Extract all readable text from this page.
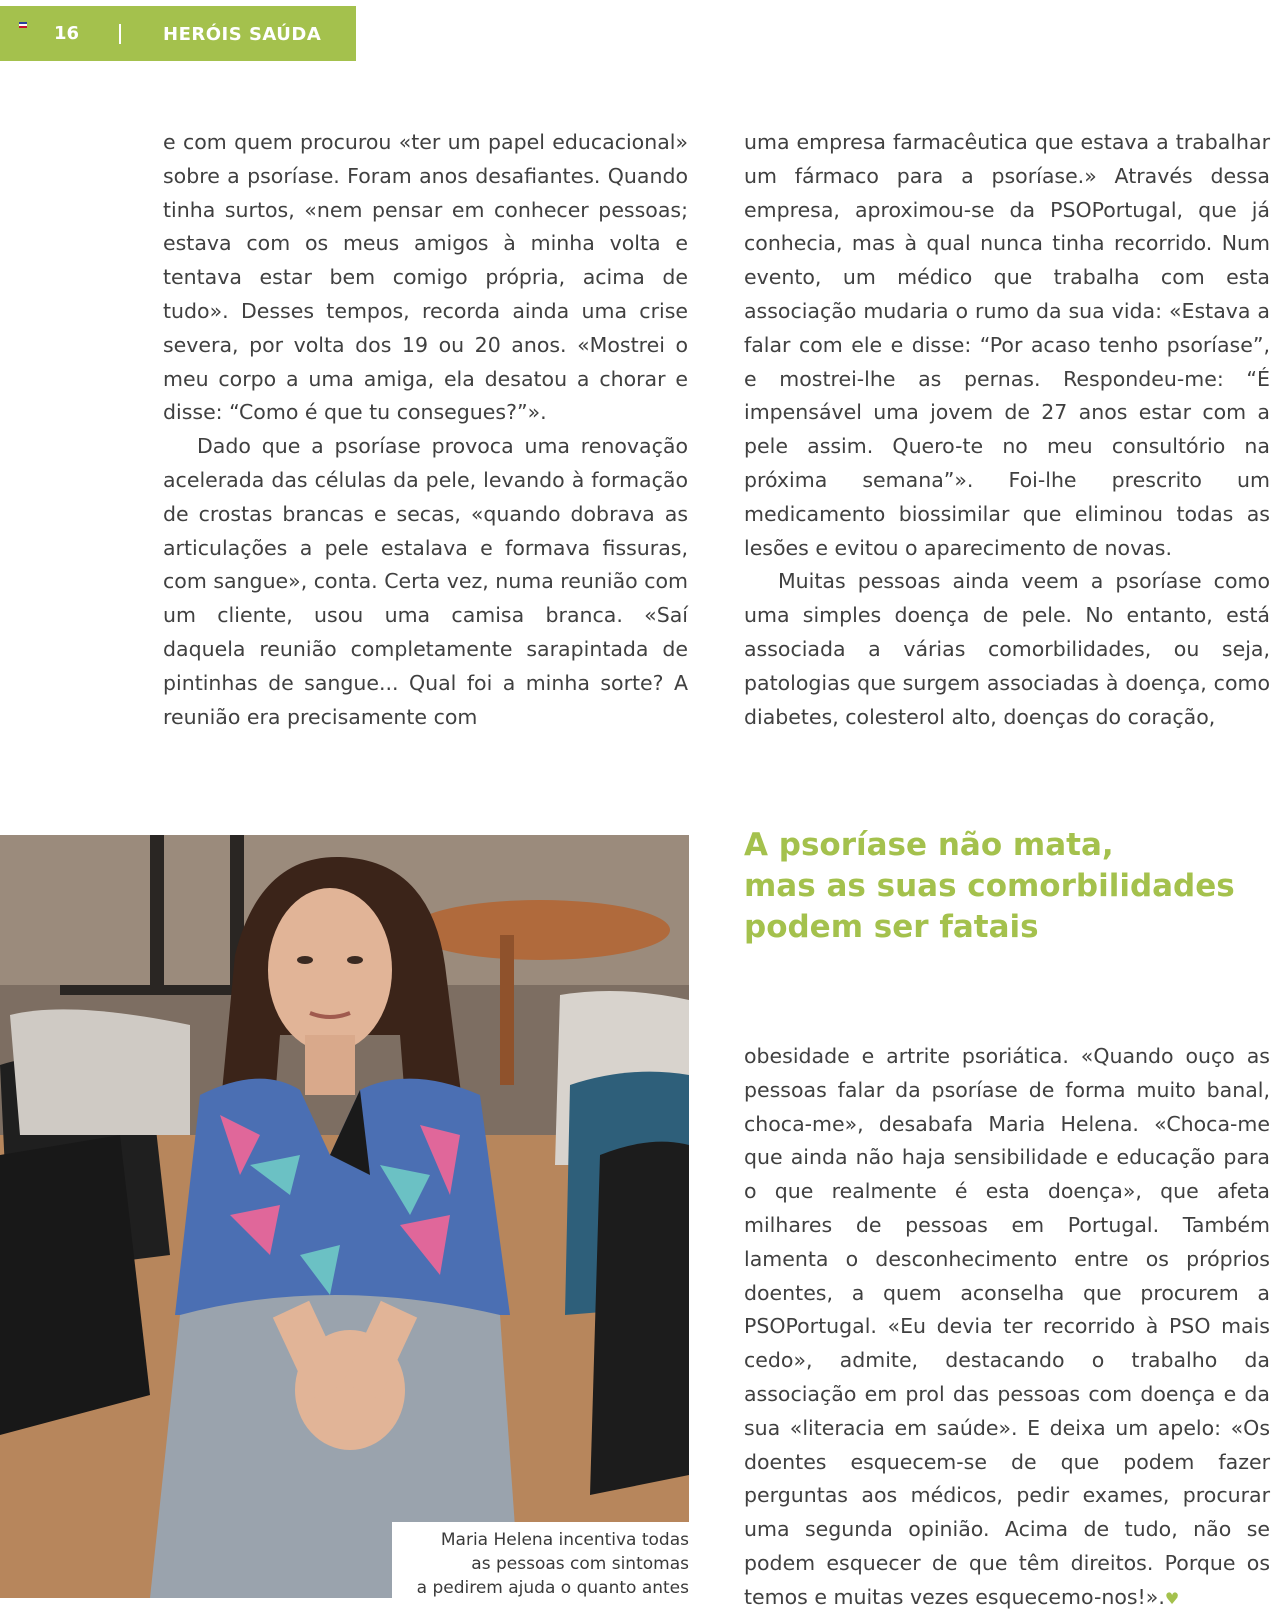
16	HERÓIS SAÚDA

e com quem procurou «ter um papel educacional» sobre a psoríase. Foram anos desafiantes. Quando tinha surtos, «nem pensar em conhecer pessoas; estava com os meus amigos à minha volta e tentava estar bem comigo própria, acima de tudo». Desses tempos, recorda ainda uma crise severa, por volta dos 19 ou 20 anos. «Mostrei o meu corpo a uma amiga, ela desatou a chorar e disse: “Como é que tu consegues?”».

Dado que a psoríase provoca uma renovação acelerada das células da pele, levando à formação de crostas brancas e secas, «quando dobrava as articulações a pele estalava e formava fissuras, com sangue», conta. Certa vez, numa reunião com um cliente, usou uma camisa branca. «Saí daquela reunião completamente sarapintada de pintinhas de sangue... Qual foi a minha sorte? A reunião era precisamente com

uma empresa farmacêutica que estava a trabalhar um fármaco para a psoríase.» Através dessa empresa, aproximou-se da PSOPortugal, que já conhecia, mas à qual nunca tinha recorrido. Num evento, um médico que trabalha com esta associação mudaria o rumo da sua vida: «Estava a falar com ele e disse: “Por acaso tenho psoríase”, e mostrei-lhe as pernas. Respondeu-me: “É impensável uma jovem de 27 anos estar com a pele assim. Quero-te no meu consultório na próxima semana”». Foi-lhe prescrito um medicamento biossimilar que eliminou todas as lesões e evitou o aparecimento de novas.

Muitas pessoas ainda veem a psoríase como uma simples doença de pele. No entanto, está associada a várias comorbilidades, ou seja, patologias que surgem associadas à doença, como diabetes, colesterol alto, doenças do coração,

A psoríase não mata,
mas as suas comorbilidades
podem ser fatais

obesidade e artrite psoriática. «Quando ouço as pessoas falar da psoríase de forma muito banal, choca-me», desabafa Maria Helena. «Choca-me que ainda não haja sensibilidade e educação para o que realmente é esta doença», que afeta milhares de pessoas em Portugal. Também lamenta o desconhecimento entre os próprios doentes, a quem aconselha que procurem a PSOPortugal. «Eu devia ter recorrido à PSO mais cedo», admite, destacando o trabalho da associação em prol das pessoas com doença e da sua «literacia em saúde». E deixa um apelo: «Os doentes esquecem-se de que podem fazer perguntas aos médicos, pedir exames, procurar uma segunda opinião. Acima de tudo, não se podem esquecer de que têm direitos. Porque os temos e muitas vezes esquecemo-nos!».♥

Maria Helena incentiva todas
as pessoas com sintomas
a pedirem ajuda o quanto antes
